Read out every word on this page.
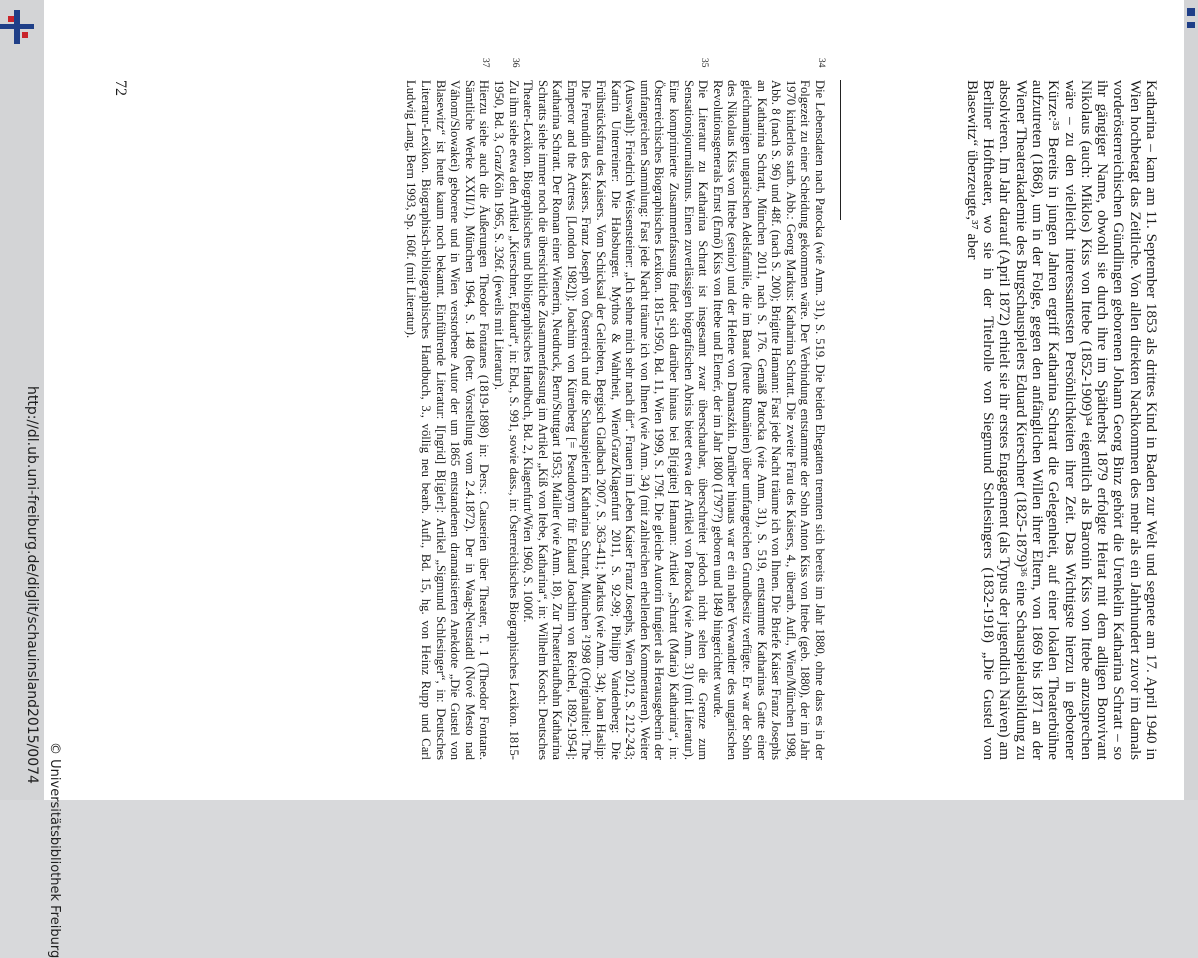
http://dl.ub.uni-freiburg.de/diglit/schauinsland2015/0074
72	Katharina – kam am 11. September 1853 als drittes Kind in Baden zur Welt und segnete am 17. April 1940 in Wien hochbetagt das Zeitliche. Von allen direkten Nachkommen des mehr als ein Jahrhundert zuvor im damals vorderösterreichischen Gündlingen geborenen Johann Georg Binz gehört die Urenkelin Katharina Schratt – so ihr gängiger Name, obwohl sie durch ihre im Spätherbst 1879 erfolgte Heirat mit dem adligen Bonvivant Nikolaus (auch: Miklos) Kiss von Ittebe (1852-1909)³⁴ eigentlich als Baronin Kiss von Ittebe anzusprechen wäre – zu den vielleicht interessantesten Persönlichkeiten ihrer Zeit. Das Wichtigste hierzu in gebotener Kürze:³⁵ Bereits in jungen Jahren ergriff Katharina Schratt die Gelegenheit, auf einer lokalen Theaterbühne aufzutreten (1868), um in der Folge, gegen den anfänglichen Willen ihrer Eltern, von 1869 bis 1871 an der Wiener Theaterakademie des Burgschauspielers Eduard Kierschner (1825-1879)³⁶ eine Schauspielausbildung zu absolvieren. Im Jahr darauf (April 1872) erhielt sie ihr erstes Engagement (als Typus der jugendlich Naiven) am Berliner Hoftheater, wo sie in der Titelrolle von Siegmund Schlesingers (1832-1918) „Die Gustel von Blasewitz“ überzeugte,³⁷ aber

34
Die Lebensdaten nach Patocka (wie Anm. 31), S. 519. Die beiden Ehegatten trennten sich bereits im Jahr 1880, ohne dass es in der Folgezeit zu einer Scheidung gekommen wäre. Der Verbindung entstammte der Sohn Anton Kiss von Ittebe (geb. 1880), der im Jahr 1970 kinderlos starb. Abb.: Georg Markus: Katharina Schratt. Die zweite Frau des Kaisers, 4., überarb. Aufl., Wien/München 1998, Abb. 8 (nach S. 96) und 48f. (nach S. 200); Brigitte Hamann: Fast jede Nacht träume ich von Ihnen. Die Briefe Kaiser Franz Josephs an Katharina Schratt, München 2011, nach S. 176. Gemäß Patocka (wie Anm. 31), S. 519, entstammte Katharinas Gatte einer gleichnamigen ungarischen Adelsfamilie, die im Banat (heute Rumänien) über umfangreichen Grundbesitz verfügte. Er war der Sohn des Nikolaus Kiss von Ittebe (senior) und der Helene von Damaszkin. Darüber hinaus war er ein naher Verwandter des ungarischen Revolutionsgenerals Ernst (Ernő) Kiss von Ittebe und Elemér, der im Jahr 1800 (1797?) geboren und 1849 hingerichtet wurde.
35
Die Literatur zu Katharina Schratt ist insgesamt zwar überschaubar, überschreitet jedoch nicht selten die Grenze zum Sensationsjournalismus. Einen zuverlässigen biografischen Abriss bietet etwa der Artikel von Patocka (wie Anm. 31) (mit Literatur). Eine komprimierte Zusammenfassung findet sich darüber hinaus bei B[rigitte] Hamann: Artikel „Schratt (Maria) Katharina“, in: Österreichisches Biographisches Lexikon. 1815-1950, Bd. 11, Wien 1999, S. 179f. Die gleiche Autorin fungiert als Herausgeberin der umfangreichen Sammlung: Fast jede Nacht träume ich von Ihnen (wie Anm. 34) (mit zahlreichen erhellenden Kommentaren). Weiter (Auswahl): Friedrich Weissensteiner: „Ich sehne mich sehr nach dir“. Frauen im Leben Kaiser Franz Josephs, Wien 2012, S. 212-243; Katrin Unterreiner: Die Habsburger. Mythos & Wahrheit, Wien/Graz/Klagenfurt 2011, S. 92-99; Philipp Vandenberg: Die Frühstücksfrau des Kaisers. Vom Schicksal der Geliebten, Bergisch Gladbach 2007, S. 363-411; Markus (wie Anm. 34); Joan Haslip: Die Freundin des Kaisers. Franz Joseph von Österreich und die Schauspielerin Katharina Schratt, München ²1998 (Originaltitel: The Emperor and the Actress [London 1982]); Joachim von Kürenberg [= Pseudonym für Eduard Joachim von Reichel, 1892-1954]: Katharina Schratt. Der Roman einer Wienerin, Neudruck, Bern/Stuttgart 1953; Mailler (wie Anm. 18). Zur Theaterlaufbahn Katharina Schratts siehe immer noch die übersichtliche Zusammenfassung im Artikel „Kiß von Itebe, Katharina“, in: Wilhelm Kosch: Deutsches Theater-Lexikon. Biographisches und bibliographisches Handbuch, Bd. 2, Klagenfurt/Wien 1960, S. 1000f.
36
Zu ihm siehe etwa den Artikel „Kierschner, Eduard“, in: Ebd., S. 991, sowie dass., in: Österreichisches Biographisches Lexikon. 1815-1950, Bd. 3, Graz/Köln 1965, S. 326f. (jeweils mit Literatur).
37
Hierzu siehe auch die Äußerungen Theodor Fontanes (1819-1898) in: Ders.: Causerien über Theater, T. 1 (Theodor Fontane. Sämtliche Werke XXII/1), München 1964, S. 148 (betr. Vorstellung vom 2.4.1872). Der in Waag-Neustadtl (Nové Mesto nad Váhom/Slowakei) geborene und in Wien verstorbene Autor der um 1865 entstandenen dramatisierten Anekdote „Die Gustel von Blasewitz“ ist heute kaum noch bekannt. Einführende Literatur: I[ngrid] B[igler]: Artikel „Sigmund Schlesinger“, in: Deutsches Literatur-Lexikon. Biographisch-bibliographisches Handbuch, 3., völlig neu bearb. Aufl., Bd. 15, hg. von Heinz Rupp und Carl Ludwig Lang, Bern 1993, Sp. 160f. (mit Literatur).
© Universitätsbibliothek Freiburg
